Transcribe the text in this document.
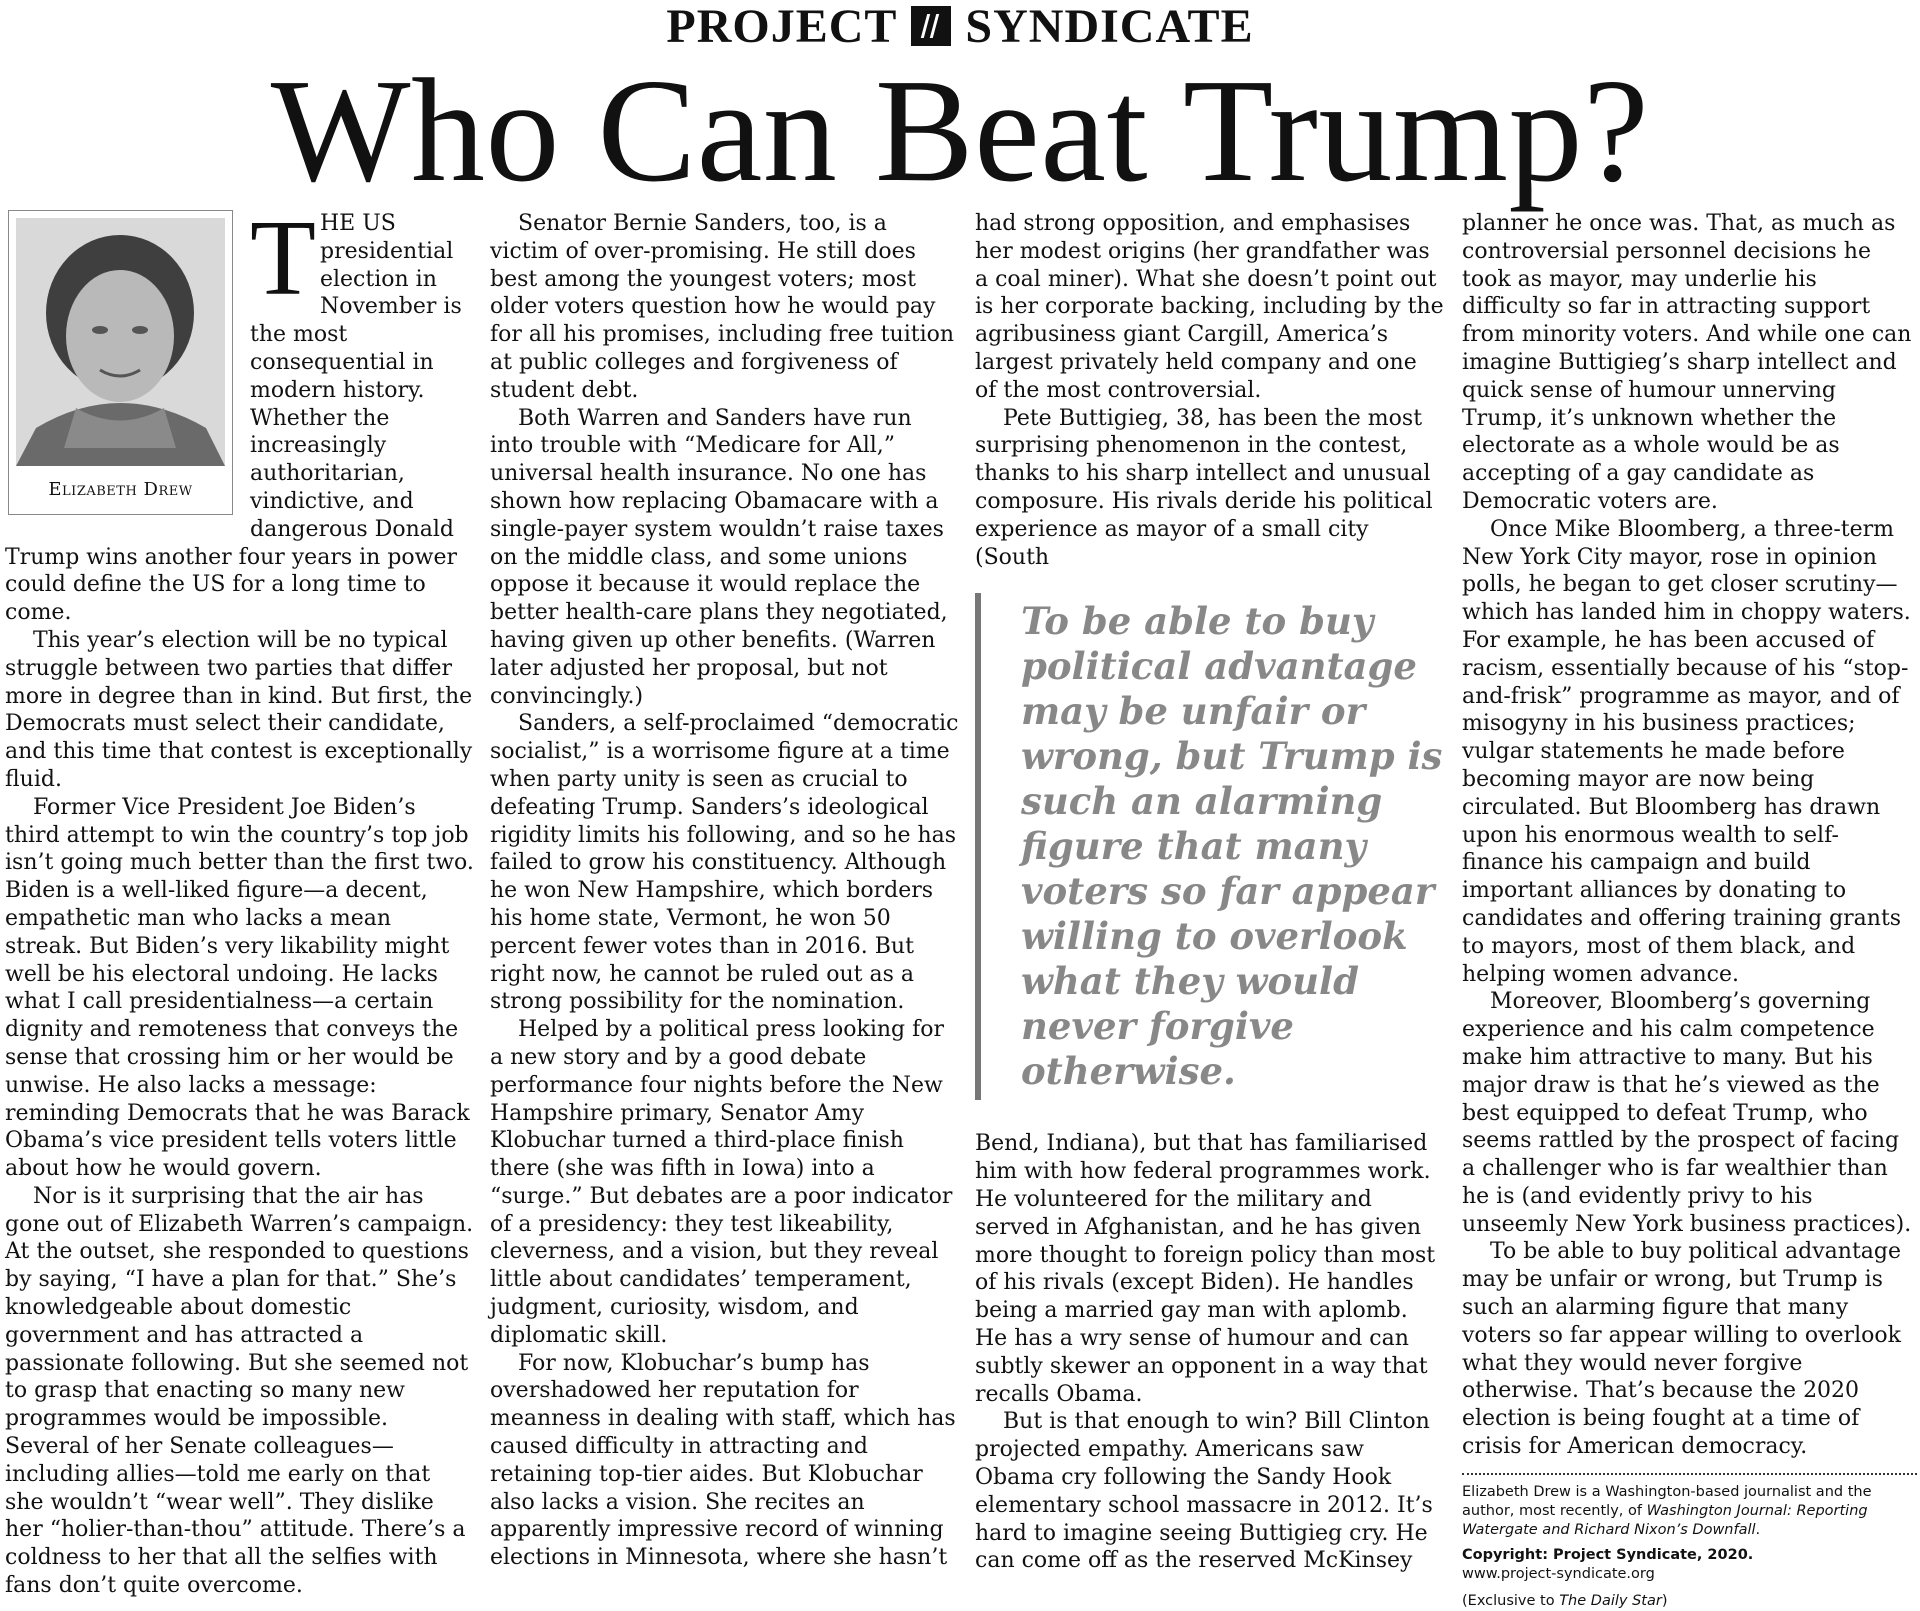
PROJECT SYNDICATE
Who Can Beat Trump?
Elizabeth Drew
T HE US presidential election in November is the most consequential in modern history. Whether the increasingly authoritarian, vindictive, and dangerous Donald Trump wins another four years in power could define the US for a long time to come.

This year’s election will be no typical struggle between two parties that differ more in degree than in kind. But first, the Democrats must select their candidate, and this time that contest is exceptionally fluid.

Former Vice President Joe Biden’s third attempt to win the country’s top job isn’t going much better than the first two. Biden is a well-liked figure—a decent, empathetic man who lacks a mean streak. But Biden’s very likability might well be his electoral undoing. He lacks what I call presidentialness—a certain dignity and remoteness that conveys the sense that crossing him or her would be unwise. He also lacks a message: reminding Democrats that he was Barack Obama’s vice president tells voters little about how he would govern.

Nor is it surprising that the air has gone out of Elizabeth Warren’s campaign. At the outset, she responded to questions by saying, “I have a plan for that.” She’s knowledgeable about domestic government and has attracted a passionate following. But she seemed not to grasp that enacting so many new programmes would be impossible. Several of her Senate colleagues—including allies—told me early on that she wouldn’t “wear well”. They dislike her “holier-than-thou” attitude. There’s a coldness to her that all the selfies with fans don’t quite overcome.

Senator Bernie Sanders, too, is a victim of over-promising. He still does best among the youngest voters; most older voters question how he would pay for all his promises, including free tuition at public colleges and forgiveness of student debt.

Both Warren and Sanders have run into trouble with “Medicare for All,” universal health insurance. No one has shown how replacing Obamacare with a single-payer system wouldn’t raise taxes on the middle class, and some unions oppose it because it would replace the better health-care plans they negotiated, having given up other benefits. (Warren later adjusted her proposal, but not convincingly.)

Sanders, a self-proclaimed “democratic socialist,” is a worrisome figure at a time when party unity is seen as crucial to defeating Trump. Sanders’s ideological rigidity limits his following, and so he has failed to grow his constituency. Although he won New Hampshire, which borders his home state, Vermont, he won 50 percent fewer votes than in 2016. But right now, he cannot be ruled out as a strong possibility for the nomination.

Helped by a political press looking for a new story and by a good debate performance four nights before the New Hampshire primary, Senator Amy Klobuchar turned a third-place finish there (she was fifth in Iowa) into a “surge.” But debates are a poor indicator of a presidency: they test likeability, cleverness, and a vision, but they reveal little about candidates’ temperament, judgment, curiosity, wisdom, and diplomatic skill.

For now, Klobuchar’s bump has overshadowed her reputation for meanness in dealing with staff, which has caused difficulty in attracting and retaining top-tier aides. But Klobuchar also lacks a vision. She recites an apparently impressive record of winning elections in Minnesota, where she hasn’t

had strong opposition, and emphasises her modest origins (her grandfather was a coal miner). What she doesn’t point out is her corporate backing, including by the agribusiness giant Cargill, America’s largest privately held company and one of the most controversial.

Pete Buttigieg, 38, has been the most surprising phenomenon in the contest, thanks to his sharp intellect and unusual composure. His rivals deride his political experience as mayor of a small city (South

To be able to buy political advantage may be unfair or wrong, but Trump is such an alarming figure that many voters so far appear willing to overlook what they would never forgive otherwise.

Bend, Indiana), but that has familiarised him with how federal programmes work. He volunteered for the military and served in Afghanistan, and he has given more thought to foreign policy than most of his rivals (except Biden). He handles being a married gay man with aplomb. He has a wry sense of humour and can subtly skewer an opponent in a way that recalls Obama.

But is that enough to win? Bill Clinton projected empathy. Americans saw Obama cry following the Sandy Hook elementary school massacre in 2012. It’s hard to imagine seeing Buttigieg cry. He can come off as the reserved McKinsey

planner he once was. That, as much as controversial personnel decisions he took as mayor, may underlie his difficulty so far in attracting support from minority voters. And while one can imagine Buttigieg’s sharp intellect and quick sense of humour unnerving Trump, it’s unknown whether the electorate as a whole would be as accepting of a gay candidate as Democratic voters are.

Once Mike Bloomberg, a three-term New York City mayor, rose in opinion polls, he began to get closer scrutiny—which has landed him in choppy waters. For example, he has been accused of racism, essentially because of his “stop-and-frisk” programme as mayor, and of misogyny in his business practices; vulgar statements he made before becoming mayor are now being circulated. But Bloomberg has drawn upon his enormous wealth to self-finance his campaign and build important alliances by donating to candidates and offering training grants to mayors, most of them black, and helping women advance.

Moreover, Bloomberg’s governing experience and his calm competence make him attractive to many. But his major draw is that he’s viewed as the best equipped to defeat Trump, who seems rattled by the prospect of facing a challenger who is far wealthier than he is (and evidently privy to his unseemly New York business practices).

To be able to buy political advantage may be unfair or wrong, but Trump is such an alarming figure that many voters so far appear willing to overlook what they would never forgive otherwise. That’s because the 2020 election is being fought at a time of crisis for American democracy.

Elizabeth Drew is a Washington-based journalist and the author, most recently, of Washington Journal: Reporting Watergate and Richard Nixon’s Downfall.
Copyright: Project Syndicate, 2020.
www.project-syndicate.org
(Exclusive to The Daily Star)
